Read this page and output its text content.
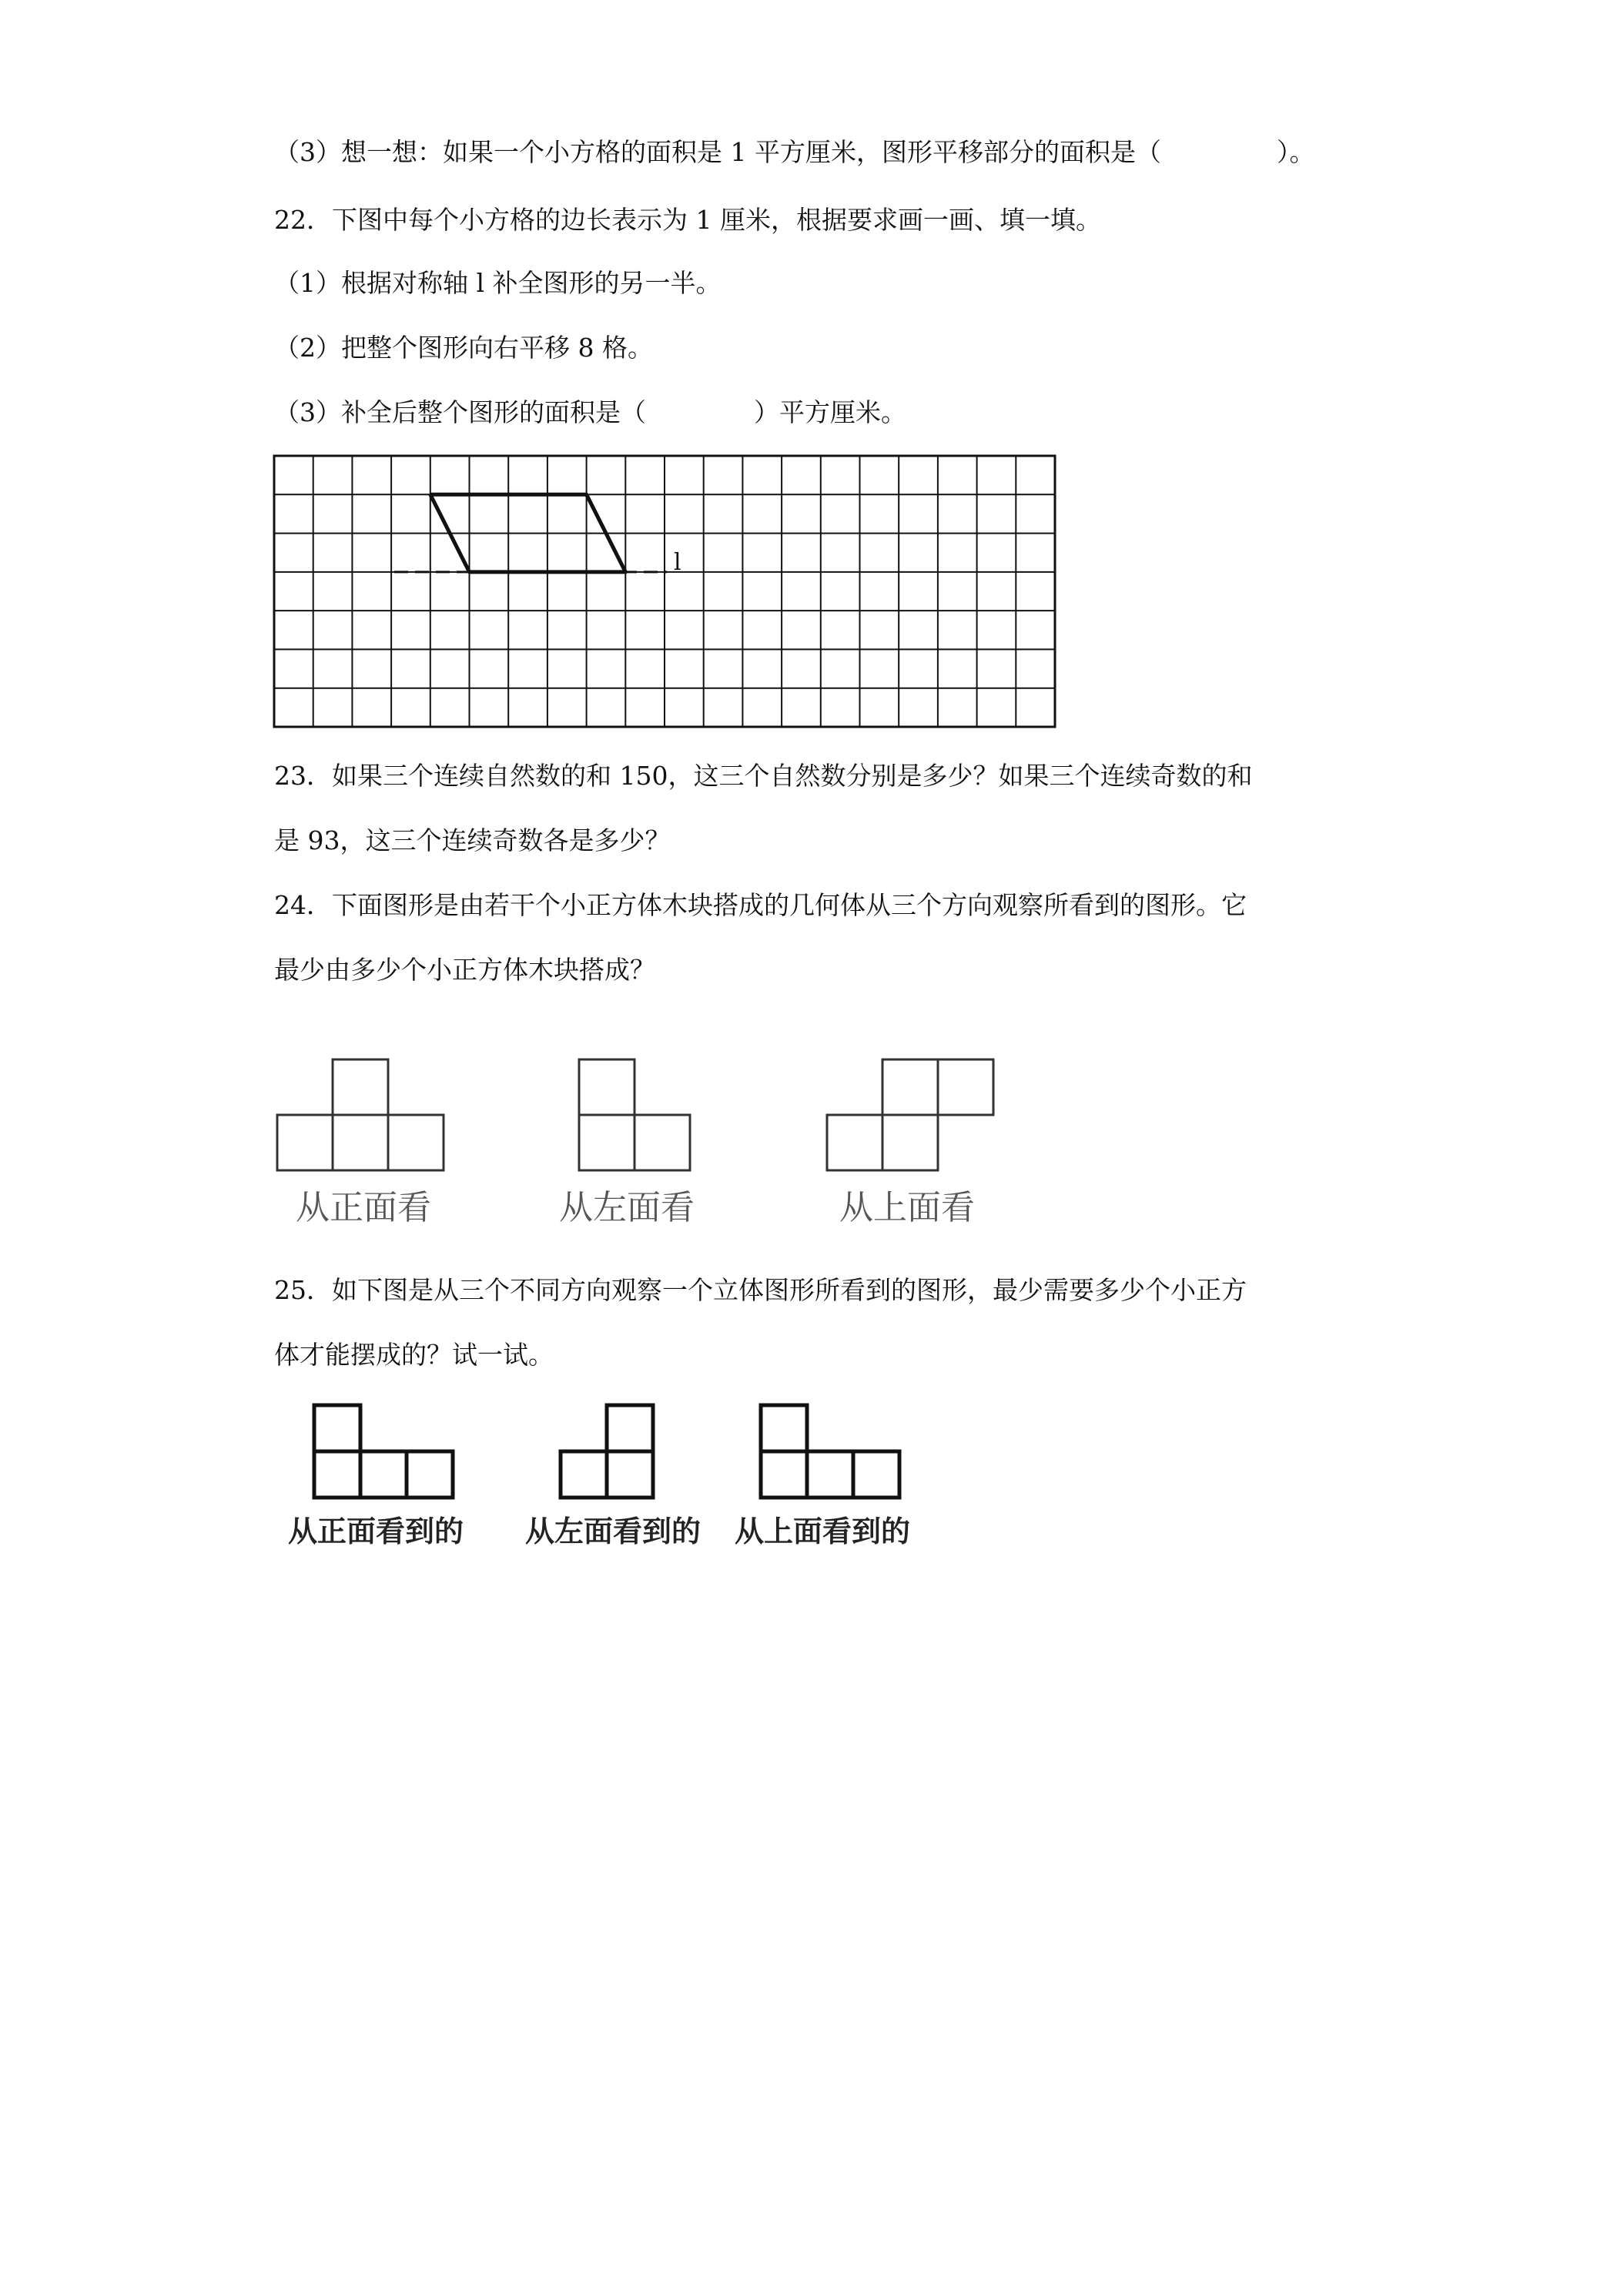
（3）想一想：如果一个小方格的面积是 1 平方厘米，图形平移部分的面积是（	）。
22．下图中每个小方格的边长表示为 1 厘米，根据要求画一画、填一填。
（1）根据对称轴 l 补全图形的另一半。
（2）把整个图形向右平移 8 格。
（3）补全后整个图形的面积是（	）平方厘米。
l
23．如果三个连续自然数的和 150，这三个自然数分别是多少？如果三个连续奇数的和
是 93，这三个连续奇数各是多少？
24．下面图形是由若干个小正方体木块搭成的几何体从三个方向观察所看到的图形。它
最少由多少个小正方体木块搭成？
从正面看	从左面看	从上面看
25．如下图是从三个不同方向观察一个立体图形所看到的图形，最少需要多少个小正方
体才能摆成的？试一试。
从正面看到的 从左面看到的 从上面看到的
